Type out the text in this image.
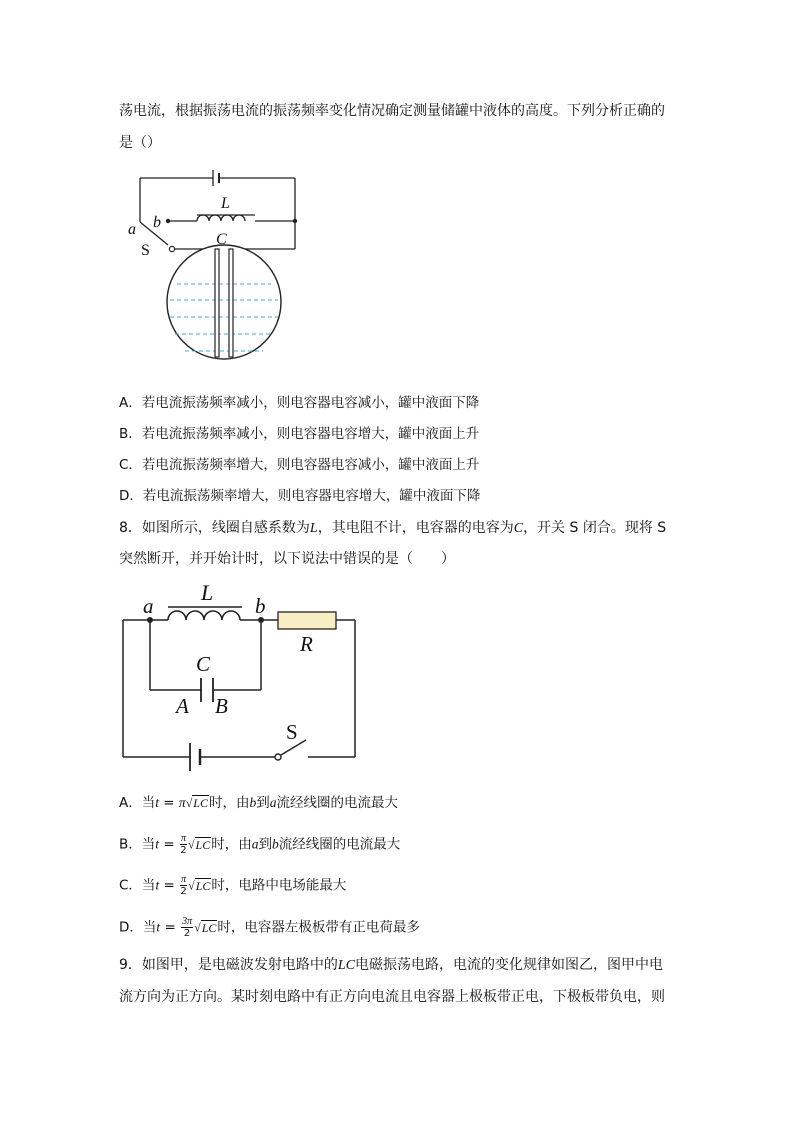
荡电流，根据振荡电流的振荡频率变化情况确定测量储罐中液体的高度。下列分析正确的
是（）
L
C
a b
S
A．若电流振荡频率减小，则电容器电容减小，罐中液面下降
B．若电流振荡频率减小，则电容器电容增大，罐中液面上升
C．若电流振荡频率增大，则电容器电容减小，罐中液面上升
D．若电流振荡频率增大，则电容器电容增大，罐中液面下降
8．如图所示，线圈自感系数为L，其电阻不计，电容器的电容为C，开关 S 闭合。现将 S
突然断开，并开始计时，以下说法中错误的是（　　）
a
L
b
R
C
A B
S
A．当t = π√LC时，由b到a流经线圈的电流最大
B．当$t = \frac{\pi}{2} √LC$时，由a到b流经线圈的电流最大
C．当$t = \frac{\pi}{2} √LC$时，电路中电场能最大
D．当$t = \frac{3\pi}{2} √LC$时，电容器左极板带有正电荷最多
9．如图甲，是电磁波发射电路中的LC电磁振荡电路，电流的变化规律如图乙，图甲中电
流方向为正方向。某时刻电路中有正方向电流且电容器上极板带正电，下极板带负电，则
